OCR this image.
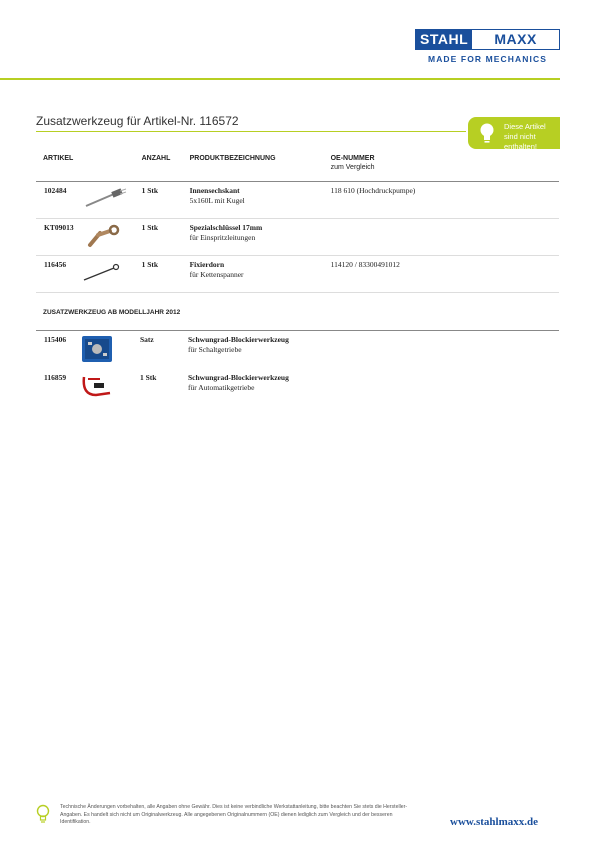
STAHL	MAXX
MADE FOR MECHANICS
Zusatzwerkzeug für Artikel-Nr. 116572	Diese Artikel sind nicht enthalten!
ARTIKEL		ANZAHL	PRODUKTBEZEICHNUNG	OE-NUMMER
zum Vergleich

102484		1 Stk	Innensechskant
5x160L mit Kugel	118 610 (Hochdruckpumpe)
KT09013		1 Stk	Spezialschlüssel 17mm
für Einspritzleitungen	

116456		1 Stk	Fixierdorn
für Kettenspanner	114120 / 83300491012
ZUSATZWERKZEUG AB MODELLJAHR 2012
115406		Satz	Schwungrad-Blockierwerkzeug
für Schaltgetriebe	

116859		1 Stk	Schwungrad-Blockierwerkzeug
für Automatikgetriebe	

Technische Änderungen vorbehalten, alle Angaben ohne Gewähr. Dies ist keine verbindliche Werkstattanleitung, bitte beachten Sie stets die Hersteller-Angaben. Es handelt sich nicht um Originalwerkzeug. Alle angegebenen Originalnummern (OE) dienen lediglich zum Vergleich und der besseren Identifikation.	www.stahlmaxx.de
